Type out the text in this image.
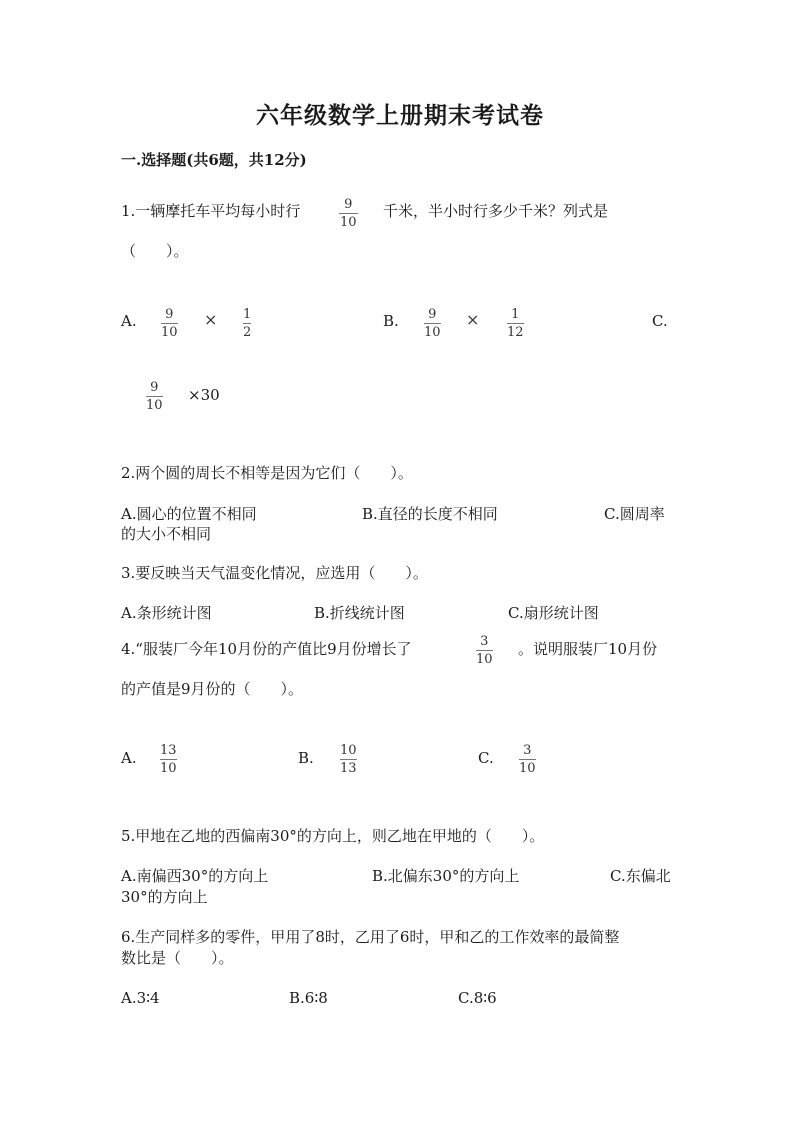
六年级数学上册期末考试卷
一.选择题(共6题，共12分)
1.一辆摩托车平均每小时行	9
10
千米，半小时行多少千米？列式是
（　　）。
A. 9
10
× 1
2
B. 9
10
× 1
12
C.
9
10
×30
2.两个圆的周长不相等是因为它们（　　）。
A.圆心的位置不相同	B.直径的长度不相同	C.圆周率
的大小不相同
3.要反映当天气温变化情况，应选用（　　）。
A.条形统计图	B.折线统计图	C.扇形统计图
4.“服装厂今年10月份的产值比9月份增长了	3
10
。说明服装厂10月份
的产值是9月份的（　　）。
A. 13
10
B. 10
13
C. 3
10
5.甲地在乙地的西偏南30°的方向上，则乙地在甲地的（　　）。
A.南偏西30°的方向上	B.北偏东30°的方向上	C.东偏北
30°的方向上
6.生产同样多的零件，甲用了8时，乙用了6时，甲和乙的工作效率的最简整
数比是（　　）。
A.3∶4	B.6∶8	C.8∶6
